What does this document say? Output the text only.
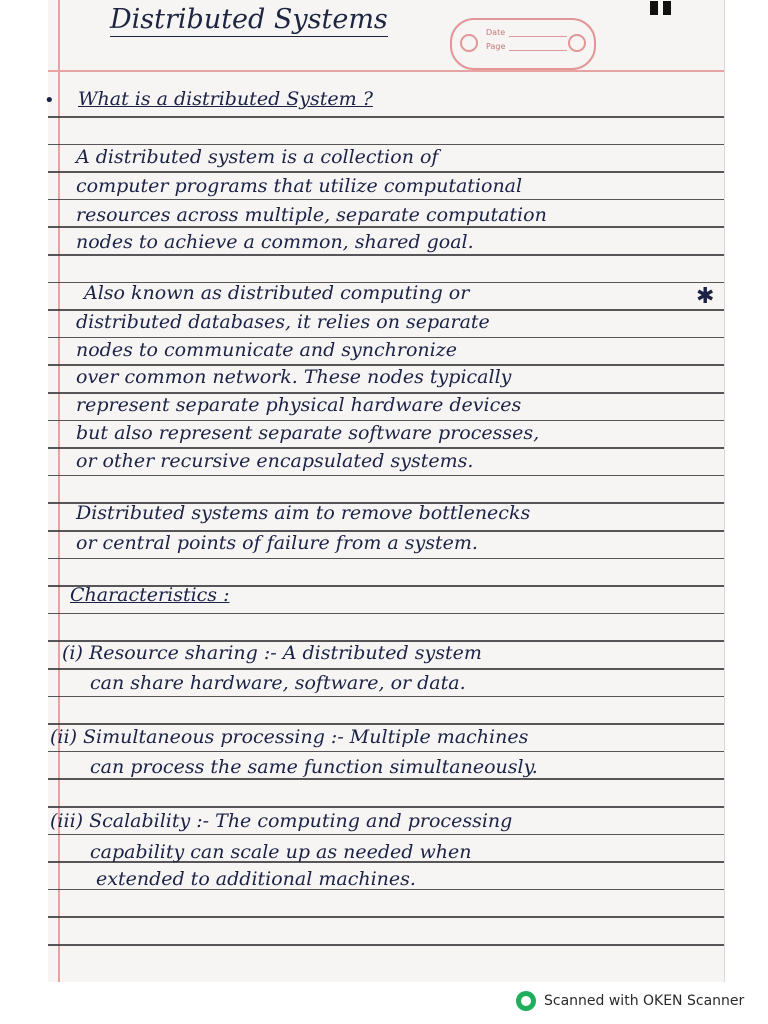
Distributed Systems	Date
Page
• What is a distributed System ?
A distributed system is a collection of
computer programs that utilize computational
resources across multiple, separate computation
nodes to achieve a common, shared goal.
Also known as distributed computing or
distributed databases, it relies on separate
nodes to communicate and synchronize
over common network. These nodes typically
represent separate physical hardware devices
but also represent separate software processes,
or other recursive encapsulated systems.
Distributed systems aim to remove bottlenecks
or central points of failure from a system.
Characteristics :
(i) Resource sharing :- A distributed system
can share hardware, software, or data.
(ii) Simultaneous processing :- Multiple machines
can process the same function simultaneously.
(iii) Scalability :- The computing and processing
capability can scale up as needed when
extended to additional machines.
✱
Scanned with OKEN Scanner
